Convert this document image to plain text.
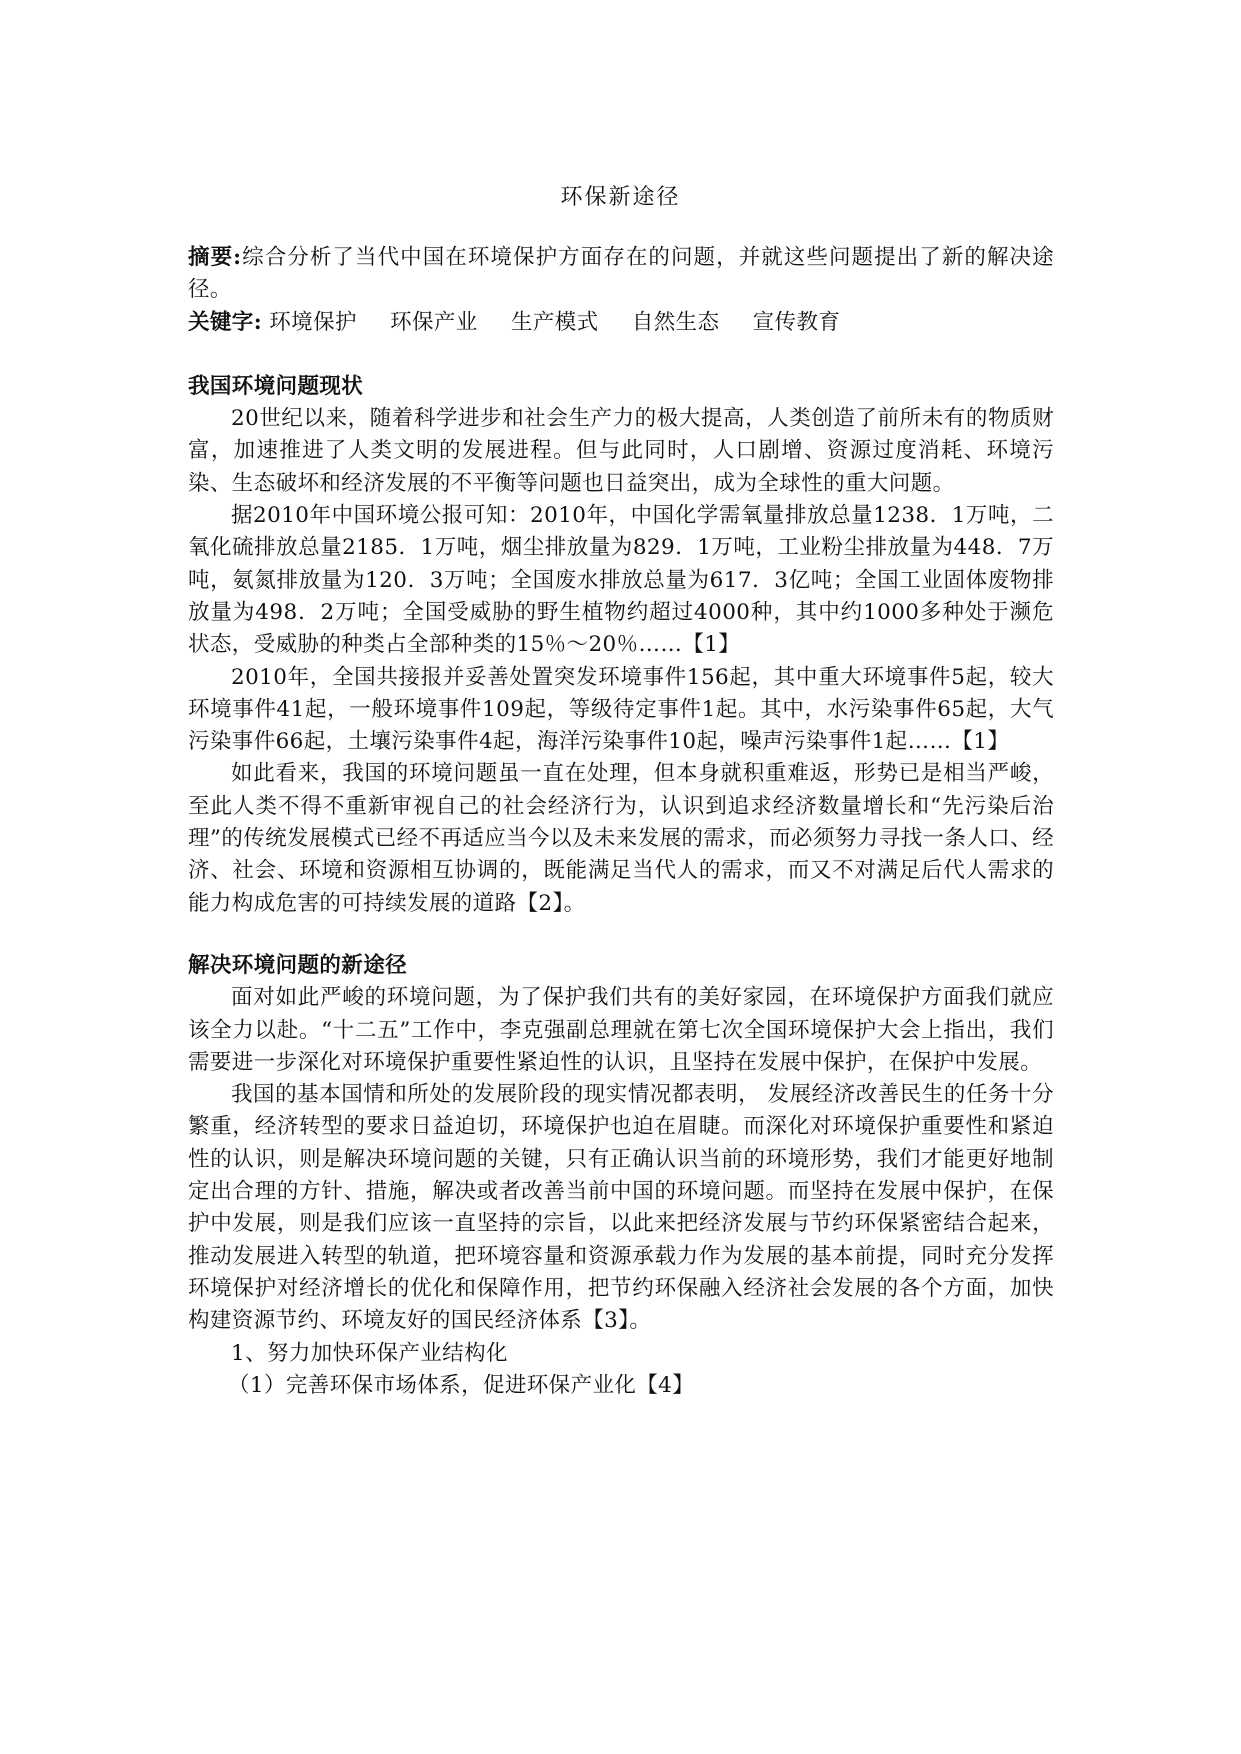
环保新途径

摘要:综合分析了当代中国在环境保护方面存在的问题，并就这些问题提出了新的解决途径。

关键字: 环境保护 环保产业 生产模式 自然生态 宣传教育

我国环境问题现状

20世纪以来，随着科学进步和社会生产力的极大提高，人类创造了前所未有的物质财富，加速推进了人类文明的发展进程。但与此同时，人口剧增、资源过度消耗、环境污染、生态破坏和经济发展的不平衡等问题也日益突出，成为全球性的重大问题。

据2010年中国环境公报可知：2010年，中国化学需氧量排放总量1238．1万吨，二氧化硫排放总量2185．1万吨，烟尘排放量为829．1万吨，工业粉尘排放量为448．7万吨，氨氮排放量为120．3万吨；全国废水排放总量为617．3亿吨；全国工业固体废物排放量为498．2万吨；全国受威胁的野生植物约超过4000种，其中约1000多种处于濒危状态，受威胁的种类占全部种类的15％～20％……【1】

2010年，全国共接报并妥善处置突发环境事件156起，其中重大环境事件5起，较大环境事件41起，一般环境事件109起，等级待定事件1起。其中，水污染事件65起，大气污染事件66起，土壤污染事件4起，海洋污染事件10起，噪声污染事件1起……【1】

如此看来，我国的环境问题虽一直在处理，但本身就积重难返，形势已是相当严峻，至此人类不得不重新审视自己的社会经济行为，认识到追求经济数量增长和“先污染后治理”的传统发展模式已经不再适应当今以及未来发展的需求，而必须努力寻找一条人口、经济、社会、环境和资源相互协调的，既能满足当代人的需求，而又不对满足后代人需求的能力构成危害的可持续发展的道路【2】。

解决环境问题的新途径

面对如此严峻的环境问题，为了保护我们共有的美好家园，在环境保护方面我们就应该全力以赴。“十二五”工作中，李克强副总理就在第七次全国环境保护大会上指出，我们需要进一步深化对环境保护重要性紧迫性的认识，且坚持在发展中保护，在保护中发展。

我国的基本国情和所处的发展阶段的现实情况都表明， 发展经济改善民生的任务十分繁重，经济转型的要求日益迫切，环境保护也迫在眉睫。而深化对环境保护重要性和紧迫性的认识，则是解决环境问题的关键，只有正确认识当前的环境形势，我们才能更好地制定出合理的方针、措施，解决或者改善当前中国的环境问题。而坚持在发展中保护，在保护中发展，则是我们应该一直坚持的宗旨，以此来把经济发展与节约环保紧密结合起来，推动发展进入转型的轨道，把环境容量和资源承载力作为发展的基本前提，同时充分发挥环境保护对经济增长的优化和保障作用，把节约环保融入经济社会发展的各个方面，加快构建资源节约、环境友好的国民经济体系【3】。

1、努力加快环保产业结构化

（1）完善环保市场体系，促进环保产业化【4】
